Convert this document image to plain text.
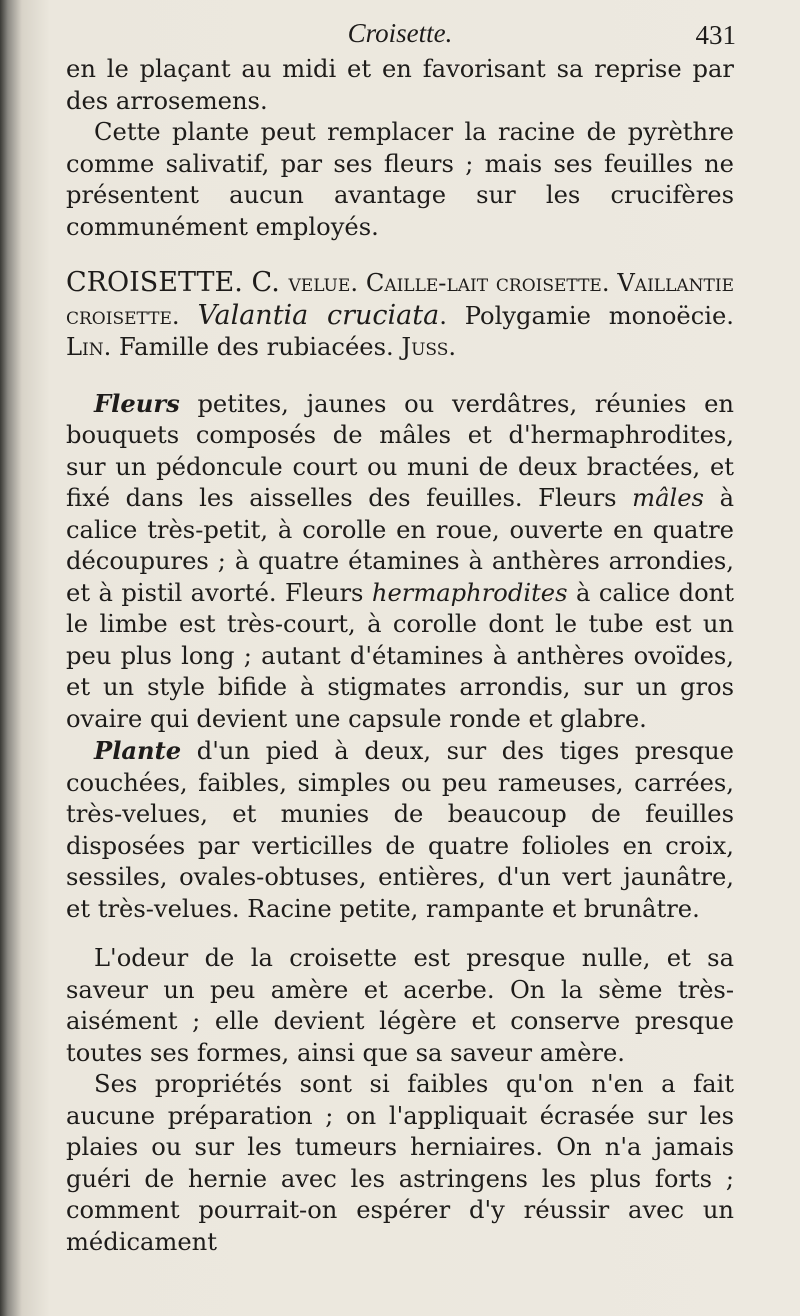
Croisette.	431

en le plaçant au midi et en favorisant sa reprise par des arrosemens.

Cette plante peut remplacer la racine de pyrèthre comme salivatif, par ses fleurs ; mais ses feuilles ne présentent aucun avantage sur les crucifères communément employés.

CROISETTE. C. velue. Caille-lait croisette. Vaillantie croisette. Valantia cruciata. Polygamie monoëcie. Lin. Famille des rubiacées. Juss.

Fleurs petites, jaunes ou verdâtres, réunies en bouquets composés de mâles et d'hermaphrodites, sur un pédoncule court ou muni de deux bractées, et fixé dans les aisselles des feuilles. Fleurs mâles à calice très-petit, à corolle en roue, ouverte en quatre découpures ; à quatre étamines à anthères arrondies, et à pistil avorté. Fleurs hermaphrodites à calice dont le limbe est très-court, à corolle dont le tube est un peu plus long ; autant d'étamines à anthères ovoïdes, et un style bifide à stigmates arrondis, sur un gros ovaire qui devient une capsule ronde et glabre.

Plante d'un pied à deux, sur des tiges presque couchées, faibles, simples ou peu rameuses, carrées, très-velues, et munies de beaucoup de feuilles disposées par verticilles de quatre folioles en croix, sessiles, ovales-obtuses, entières, d'un vert jaunâtre, et très-velues. Racine petite, rampante et brunâtre.

L'odeur de la croisette est presque nulle, et sa saveur un peu amère et acerbe. On la sème très-aisément ; elle devient légère et conserve presque toutes ses formes, ainsi que sa saveur amère.

Ses propriétés sont si faibles qu'on n'en a fait aucune préparation ; on l'appliquait écrasée sur les plaies ou sur les tumeurs herniaires. On n'a jamais guéri de hernie avec les astringens les plus forts ; comment pourrait-on espérer d'y réussir avec un médicament
